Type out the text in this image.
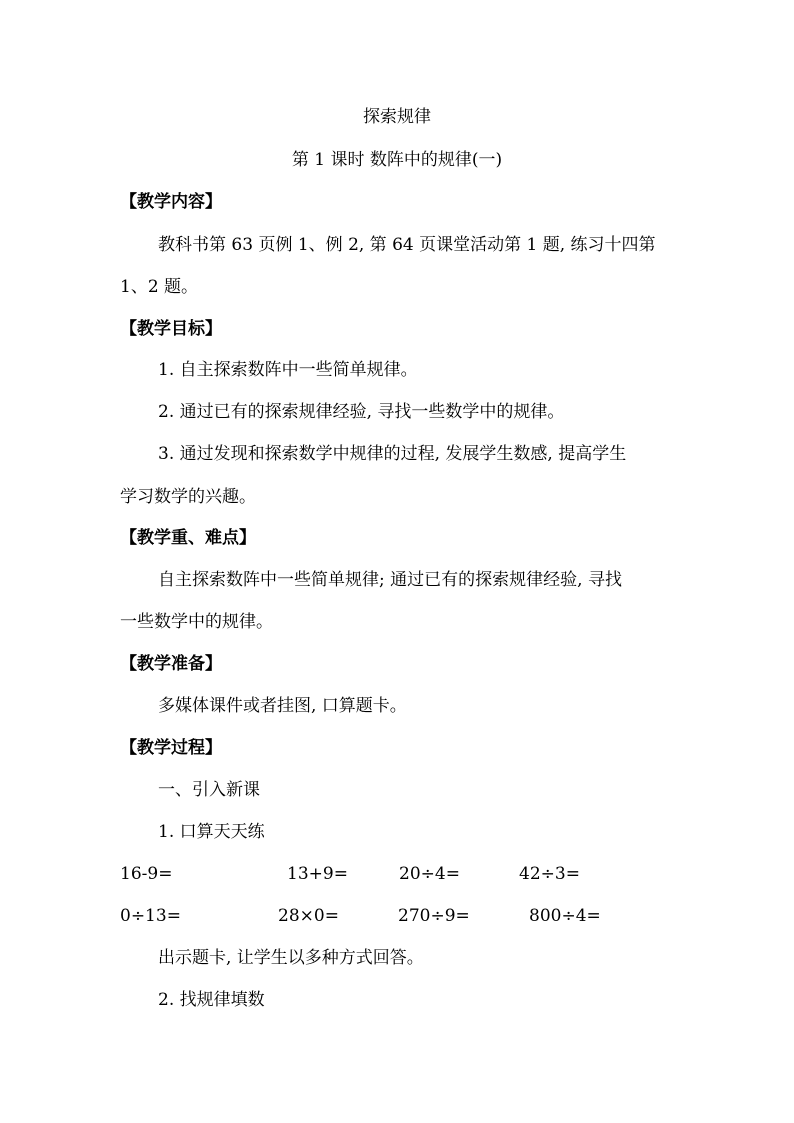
探索规律
第 1 课时 数阵中的规律(一)
【教学内容】
教科书第 63 页例 1、例 2, 第 64 页课堂活动第 1 题, 练习十四第
1、2 题。
【教学目标】
1. 自主探索数阵中一些简单规律。
2. 通过已有的探索规律经验, 寻找一些数学中的规律。
3. 通过发现和探索数学中规律的过程, 发展学生数感, 提高学生
学习数学的兴趣。
【教学重、难点】
自主探索数阵中一些简单规律; 通过已有的探索规律经验, 寻找
一些数学中的规律。
【教学准备】
多媒体课件或者挂图, 口算题卡。
【教学过程】
一、引入新课
1. 口算天天练
16-9=	13+9=	20÷4=	42÷3=
0÷13=	28×0=	270÷9=	800÷4=
出示题卡, 让学生以多种方式回答。
2. 找规律填数
